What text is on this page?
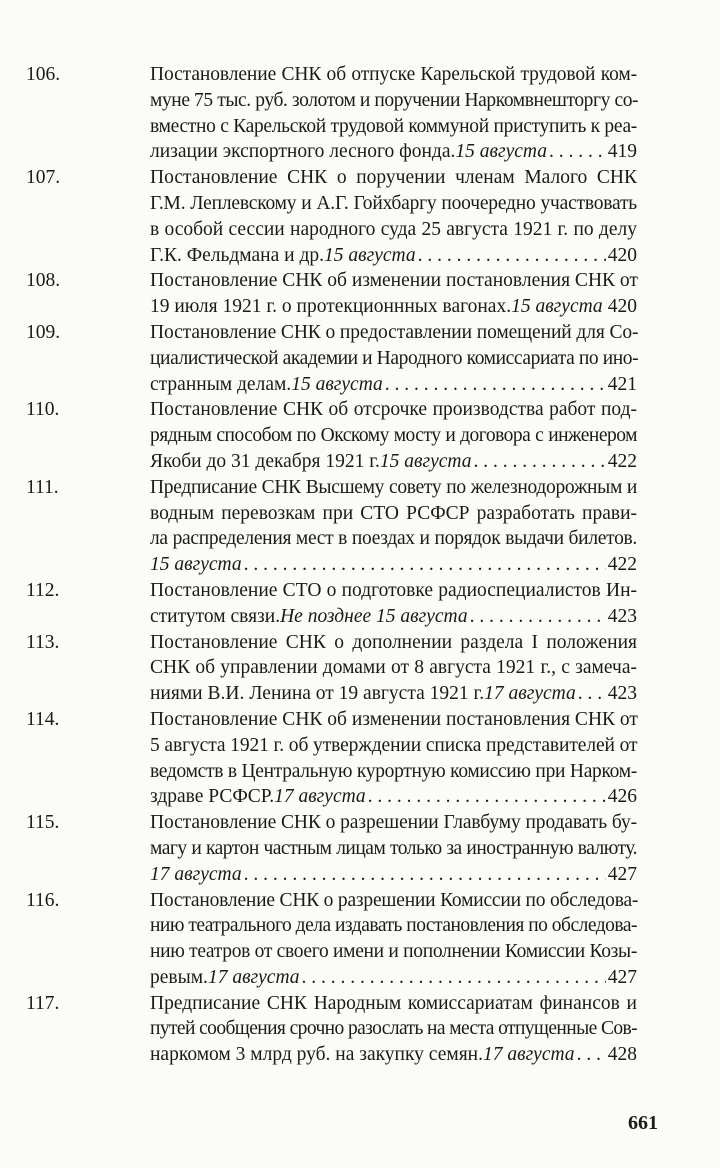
106.	Постановление СНК об отпуске Карельской трудовой ком-
муне 75 тыс. руб. золотом и поручении Наркомвнешторгу со-
вместно с Карельской трудовой коммуной приступить к реа-
лизации экспортного лесного фонда. 15 августа . . .	419
107.	Постановление СНК о поручении членам Малого СНК
Г.М. Леплевскому и А.Г. Гойхбаргу поочередно участвовать
в особой сессии народного суда 25 августа 1921 г. по делу
Г.К. Фельдмана и др. 15 августа . . .	420
108.	Постановление СНК об изменении постановления СНК от
19 июля 1921 г. о протекционнных вагонах. 15 августа . . . 420
109.	Постановление СНК о предоставлении помещений для Со-
циалистической академии и Народного комиссариата по ино-
странным делам. 15 августа . . .	421
110.	Постановление СНК об отсрочке производства работ под-
рядным способом по Окскому мосту и договора с инженером
Якоби до 31 декабря 1921 г. 15 августа . . .	422
111.	Предписание СНК Высшему совету по железнодорожным и
водным перевозкам при СТО РСФСР разработать прави-
ла распределения мест в поездах и порядок выдачи билетов.
15 августа . . .	422
112.	Постановление СТО о подготовке радиоспециалистов Ин-
ститутом связи. Не позднее 15 августа . . .	423
113.	Постановление СНК о дополнении раздела I положения
СНК об управлении домами от 8 августа 1921 г., с замеча-
ниями В.И. Ленина от 19 августа 1921 г. 17 августа . . . 423
114.	Постановление СНК об изменении постановления СНК от
5 августа 1921 г. об утверждении списка представителей от
ведомств в Центральную курортную комиссию при Нарком-
здраве РСФСР. 17 августа . . .	426
115.	Постановление СНК о разрешении Главбуму продавать бу-
магу и картон частным лицам только за иностранную валюту.
17 августа . . .	427
116.	Постановление СНК о разрешении Комиссии по обследова-
нию театрального дела издавать постановления по обследова-
нию театров от своего имени и пополнении Комиссии Козы-
ревым. 17 августа . . .	427
117.	Предписание СНК Народным комиссариатам финансов и
путей сообщения срочно разослать на места отпущенные Сов-
наркомом 3 млрд руб. на закупку семян. 17 августа . . . 428
661
